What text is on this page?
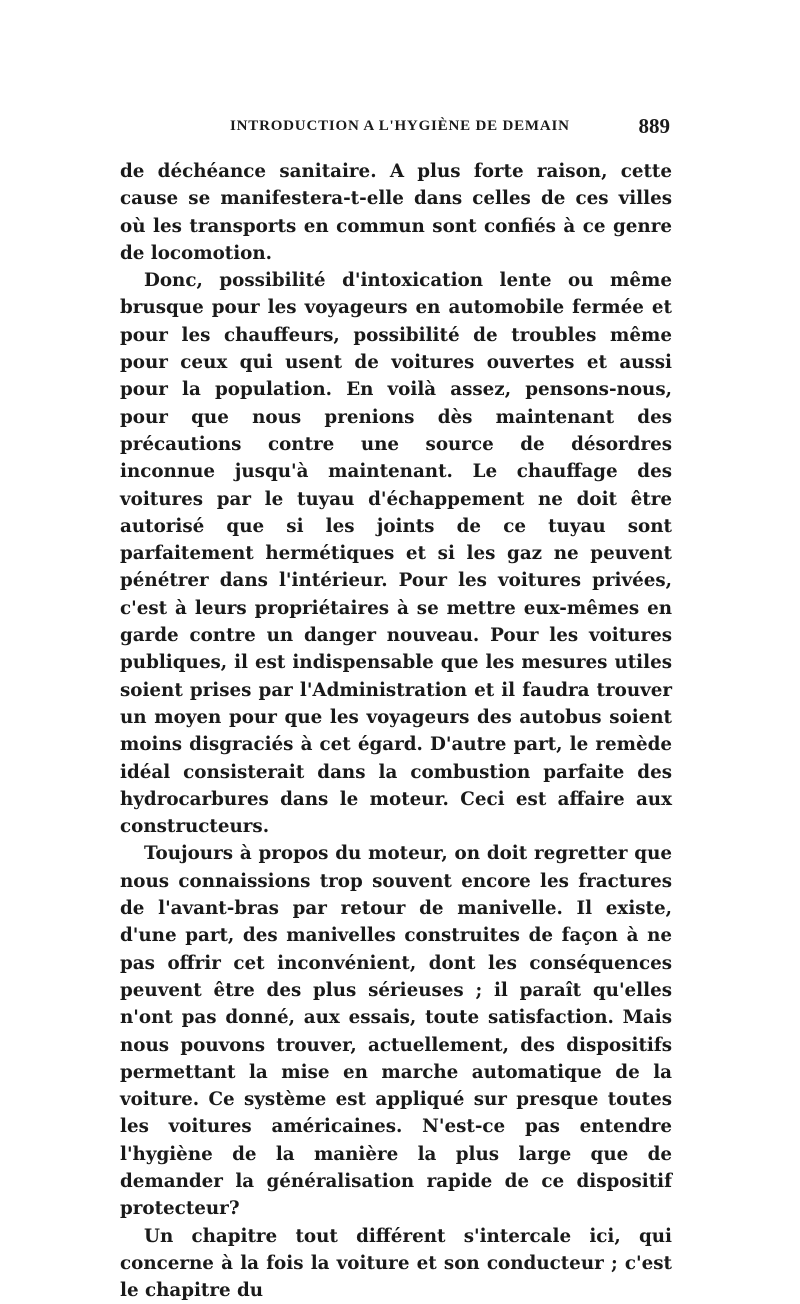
INTRODUCTION A L'HYGIÈNE DE DEMAIN	889

de déchéance sanitaire. A plus forte raison, cette cause se manifestera-t-elle dans celles de ces villes où les transports en commun sont confiés à ce genre de locomotion.

Donc, possibilité d'intoxication lente ou même brusque pour les voyageurs en automobile fermée et pour les chauffeurs, possibilité de troubles même pour ceux qui usent de voitures ouvertes et aussi pour la population. En voilà assez, pensons-nous, pour que nous prenions dès maintenant des précautions contre une source de désordres inconnue jusqu'à maintenant. Le chauffage des voitures par le tuyau d'échappement ne doit être autorisé que si les joints de ce tuyau sont parfaitement hermétiques et si les gaz ne peuvent pénétrer dans l'intérieur. Pour les voitures privées, c'est à leurs propriétaires à se mettre eux-mêmes en garde contre un danger nouveau. Pour les voitures publiques, il est indispensable que les mesures utiles soient prises par l'Administration et il faudra trouver un moyen pour que les voyageurs des autobus soient moins disgraciés à cet égard. D'autre part, le remède idéal consisterait dans la combustion parfaite des hydrocarbures dans le moteur. Ceci est affaire aux constructeurs.

Toujours à propos du moteur, on doit regretter que nous connaissions trop souvent encore les fractures de l'avant-bras par retour de manivelle. Il existe, d'une part, des manivelles construites de façon à ne pas offrir cet inconvénient, dont les conséquences peuvent être des plus sérieuses ; il paraît qu'elles n'ont pas donné, aux essais, toute satisfaction. Mais nous pouvons trouver, actuellement, des dispositifs permettant la mise en marche automatique de la voiture. Ce système est appliqué sur presque toutes les voitures américaines. N'est-ce pas entendre l'hygiène de la manière la plus large que de demander la généralisation rapide de ce dispositif protecteur?

Un chapitre tout différent s'intercale ici, qui concerne à la fois la voiture et son conducteur ; c'est le chapitre du
